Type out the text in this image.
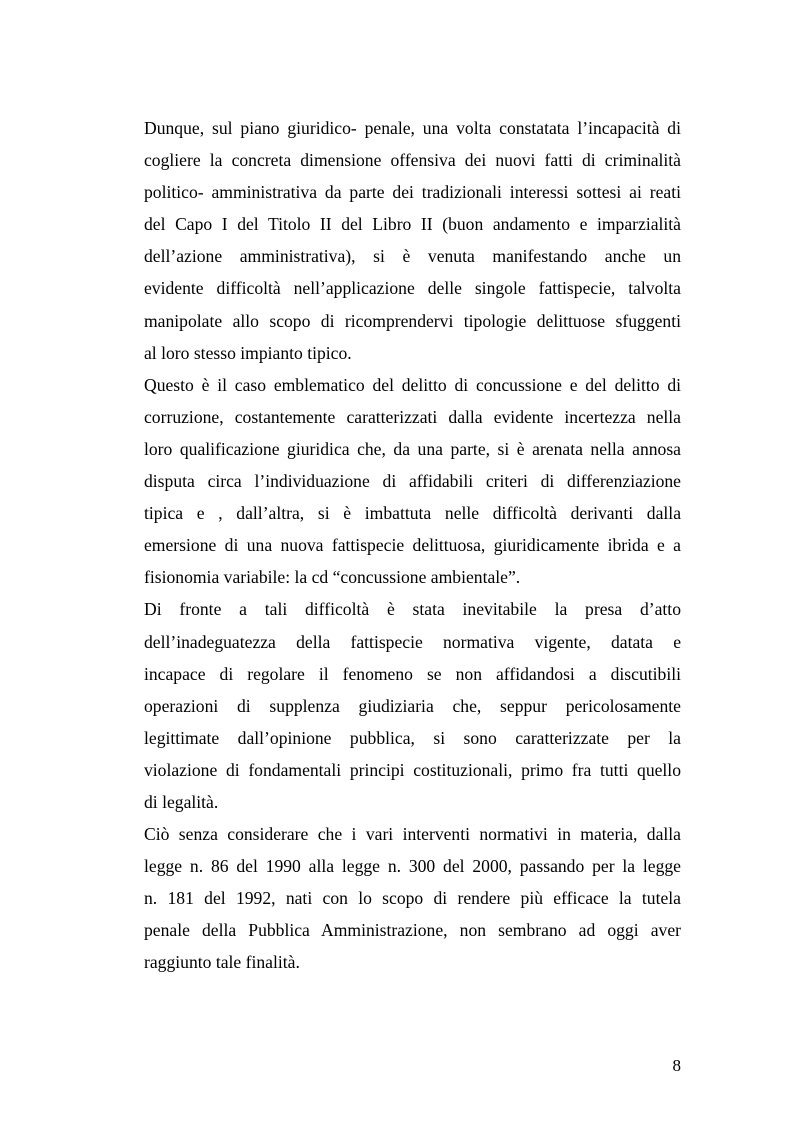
Dunque, sul piano giuridico- penale, una volta constatata l’incapacità di
cogliere la concreta dimensione offensiva dei nuovi fatti di criminalità
politico- amministrativa da parte dei tradizionali interessi sottesi ai reati
del Capo I del Titolo II del Libro II (buon andamento e imparzialità
dell’azione amministrativa), si è venuta manifestando anche un
evidente difficoltà nell’applicazione delle singole fattispecie, talvolta
manipolate allo scopo di ricomprendervi tipologie delittuose sfuggenti
al loro stesso impianto tipico.

Questo è il caso emblematico del delitto di concussione e del delitto di
corruzione, costantemente caratterizzati dalla evidente incertezza nella
loro qualificazione giuridica che, da una parte, si è arenata nella annosa
disputa circa l’individuazione di affidabili criteri di differenziazione
tipica e , dall’altra, si è imbattuta nelle difficoltà derivanti dalla
emersione di una nuova fattispecie delittuosa, giuridicamente ibrida e a
fisionomia variabile: la cd “concussione ambientale”.

Di fronte a tali difficoltà è stata inevitabile la presa d’atto
dell’inadeguatezza della fattispecie normativa vigente, datata e
incapace di regolare il fenomeno se non affidandosi a discutibili
operazioni di supplenza giudiziaria che, seppur pericolosamente
legittimate dall’opinione pubblica, si sono caratterizzate per la
violazione di fondamentali principi costituzionali, primo fra tutti quello
di legalità.

Ciò senza considerare che i vari interventi normativi in materia, dalla
legge n. 86 del 1990 alla legge n. 300 del 2000, passando per la legge
n. 181 del 1992, nati con lo scopo di rendere più efficace la tutela
penale della Pubblica Amministrazione, non sembrano ad oggi aver
raggiunto tale finalità.

8
